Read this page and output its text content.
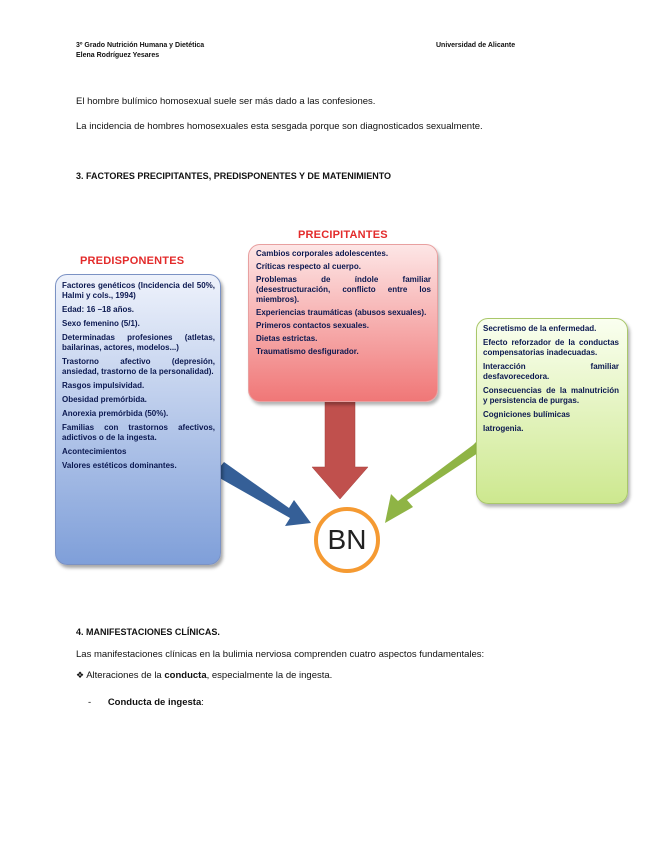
3º Grado Nutrición Humana y Dietética
Elena Rodríguez Yesares
Universidad de Alicante
El hombre bulímico homosexual suele ser más dado a las confesiones.
La incidencia de hombres homosexuales esta sesgada porque son diagnosticados sexualmente.
3. FACTORES PRECIPITANTES, PREDISPONENTES Y DE MATENIMIENTO
PREDISPONENTES
Factores genéticos (Incidencia del 50%, Halmi y cols., 1994)
Edad: 16 –18 años.
Sexo femenino (5/1).
Determinadas profesiones (atletas, bailarinas, actores, modelos...)
Trastorno afectivo (depresión, ansiedad, trastorno de la personalidad).
Rasgos impulsividad.
Obesidad premórbida.
Anorexia premórbida (50%).
Familias con trastornos afectivos, adictivos o de la ingesta.
Acontecimientos
Valores estéticos dominantes.
PRECIPITANTES
Cambios corporales adolescentes.
Críticas respecto al cuerpo.
Problemas de índole familiar (desestructuración, conflicto entre los miembros).
Experiencias traumáticas (abusos sexuales).
Primeros contactos sexuales.
Dietas estrictas.
Traumatismo desfigurador.
Secretismo de la enfermedad.
Efecto reforzador de la conductas compensatorias inadecuadas.
Interacción familiar desfavorecedora.
Consecuencias de la malnutrición y persistencia de purgas.
Cogniciones bulímicas
Iatrogenia.
BN
4. MANIFESTACIONES CLÍNICAS.
Las manifestaciones clínicas en la bulimia nerviosa comprenden cuatro aspectos fundamentales:
❖ Alteraciones de la conducta, especialmente la de ingesta.
- Conducta de ingesta:
